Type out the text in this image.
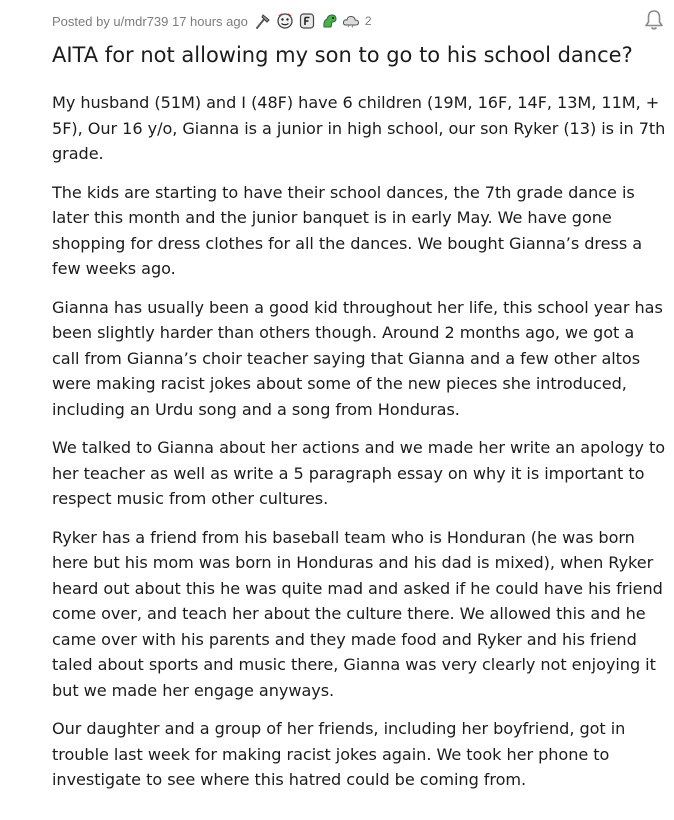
Posted by u/mdr739 17 hours ago	2
AITA for not allowing my son to go to his school dance?

My husband (51M) and I (48F) have 6 children (19M, 16F, 14F, 13M, 11M, +
5F), Our 16 y/o, Gianna is a junior in high school, our son Ryker (13) is in 7th
grade.

The kids are starting to have their school dances, the 7th grade dance is
later this month and the junior banquet is in early May. We have gone
shopping for dress clothes for all the dances. We bought Gianna’s dress a
few weeks ago.

Gianna has usually been a good kid throughout her life, this school year has
been slightly harder than others though. Around 2 months ago, we got a
call from Gianna’s choir teacher saying that Gianna and a few other altos
were making racist jokes about some of the new pieces she introduced,
including an Urdu song and a song from Honduras.

We talked to Gianna about her actions and we made her write an apology to
her teacher as well as write a 5 paragraph essay on why it is important to
respect music from other cultures.

Ryker has a friend from his baseball team who is Honduran (he was born
here but his mom was born in Honduras and his dad is mixed), when Ryker
heard out about this he was quite mad and asked if he could have his friend
come over, and teach her about the culture there. We allowed this and he
came over with his parents and they made food and Ryker and his friend
taled about sports and music there, Gianna was very clearly not enjoying it
but we made her engage anyways.

Our daughter and a group of her friends, including her boyfriend, got in
trouble last week for making racist jokes again. We took her phone to
investigate to see where this hatred could be coming from.
